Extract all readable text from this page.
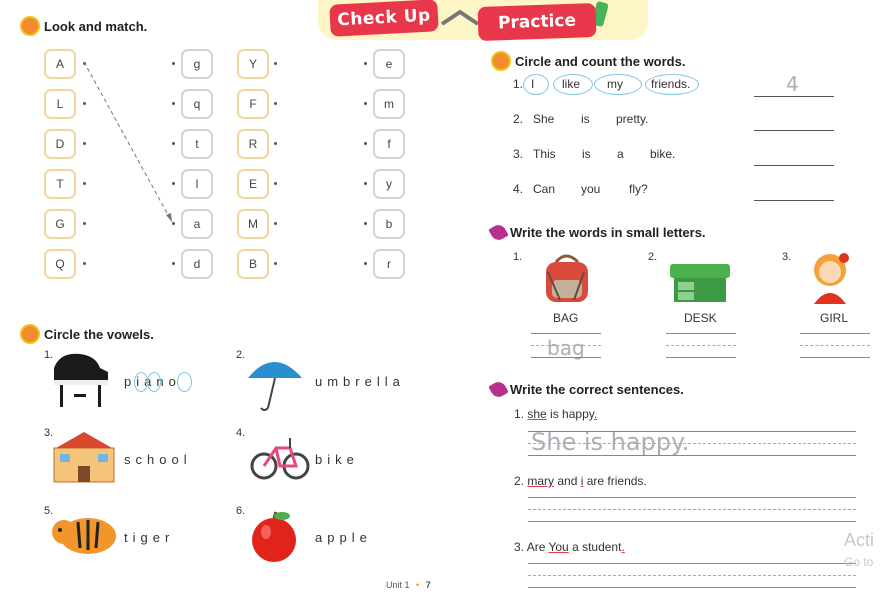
Check Up	Practice
Look and match.
A
L
D
T
G
Q
g
q
t
l
a
d
Y
F
R
E
M
B
e
m
f
y
b
r
Circle the vowels.
1.
piano
2.
umbrella
3.
school
4.
bike
5.
tiger
6.
apple
Unit 1 • 7
Circle and count the words.
1. I like my friends.	4
2. She is pretty.
3. This is a bike.
4. Can you fly?
Write the words in small letters.
1.
BAG
bag
2.
DESK
3.
GIRL
Write the correct sentences.
1. she is happy.
She is happy.
2. mary and i are friends.
3. Are You a student.	Acti
Go to
